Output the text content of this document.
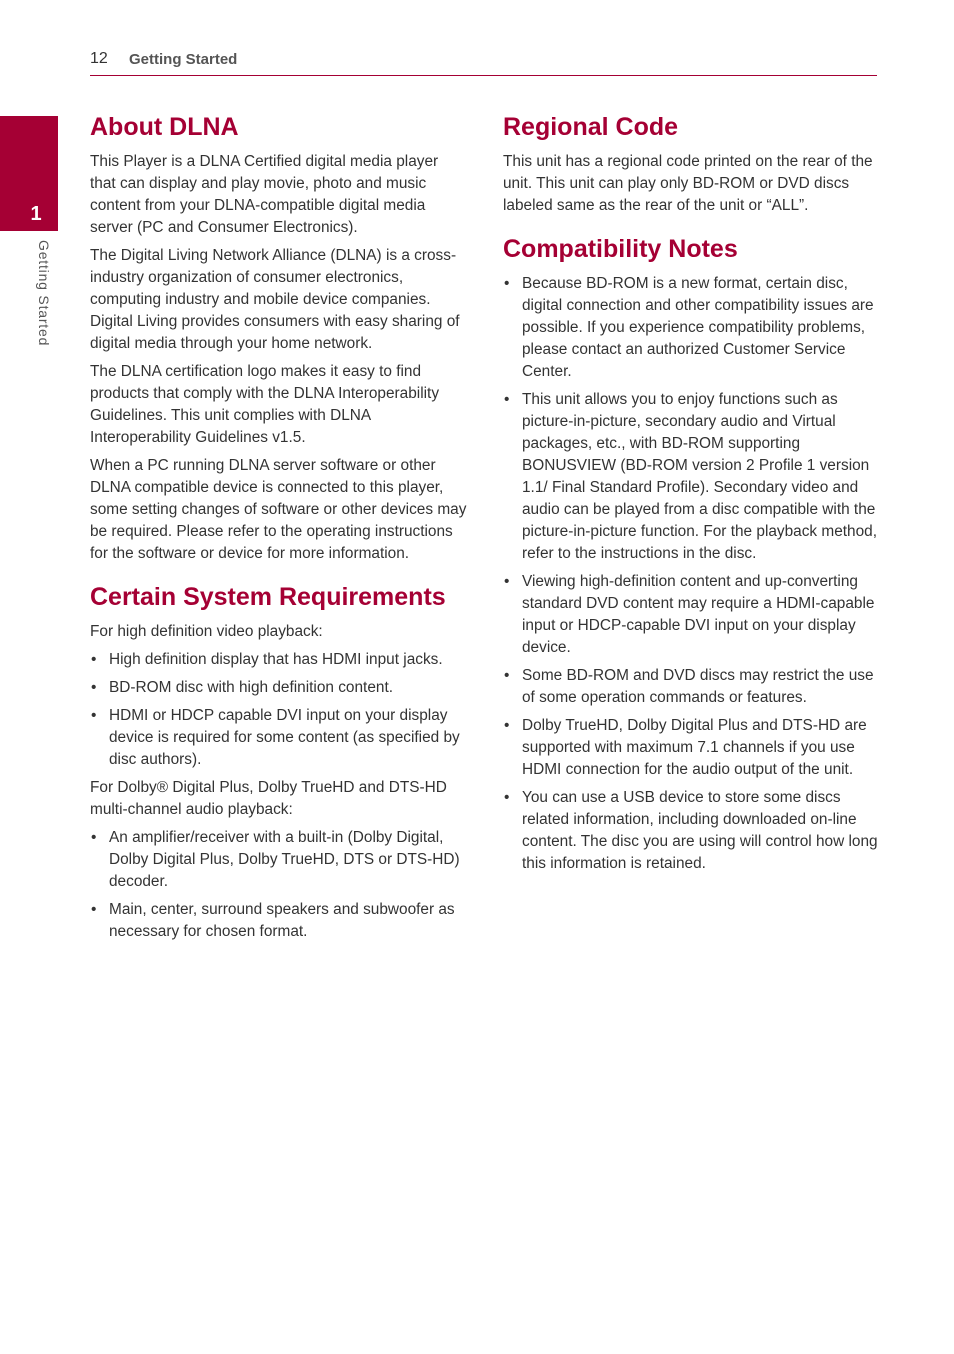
12 Getting Started
1
Getting Started
About DLNA

This Player is a DLNA Certified digital media player that can display and play movie, photo and music content from your DLNA-compatible digital media server (PC and Consumer Electronics).

The Digital Living Network Alliance (DLNA) is a cross-industry organization of consumer electronics, computing industry and mobile device companies. Digital Living provides consumers with easy sharing of digital media through your home network.

The DLNA certification logo makes it easy to find products that comply with the DLNA Interoperability Guidelines. This unit complies with DLNA Interoperability Guidelines v1.5.

When a PC running DLNA server software or other DLNA compatible device is connected to this player, some setting changes of software or other devices may be required. Please refer to the operating instructions for the software or device for more information.

Certain System Requirements

For high definition video playback:

• High definition display that has HDMI input jacks.
• BD-ROM disc with high definition content.
• HDMI or HDCP capable DVI input on your display device is required for some content (as specified by disc authors).

For Dolby® Digital Plus, Dolby TrueHD and DTS-HD multi-channel audio playback:

• An amplifier/receiver with a built-in (Dolby Digital, Dolby Digital Plus, Dolby TrueHD, DTS or DTS-HD) decoder.
• Main, center, surround speakers and subwoofer as necessary for chosen format.
Regional Code

This unit has a regional code printed on the rear of the unit. This unit can play only BD-ROM or DVD discs labeled same as the rear of the unit or “ALL”.

Compatibility Notes
• Because BD-ROM is a new format, certain disc, digital connection and other compatibility issues are possible. If you experience compatibility problems, please contact an authorized Customer Service Center.
• This unit allows you to enjoy functions such as picture-in-picture, secondary audio and Virtual packages, etc., with BD-ROM supporting BONUSVIEW (BD-ROM version 2 Profile 1 version 1.1/ Final Standard Profile). Secondary video and audio can be played from a disc compatible with the picture-in-picture function. For the playback method, refer to the instructions in the disc.
• Viewing high-definition content and up-converting standard DVD content may require a HDMI-capable input or HDCP-capable DVI input on your display device.
• Some BD-ROM and DVD discs may restrict the use of some operation commands or features.
• Dolby TrueHD, Dolby Digital Plus and DTS-HD are supported with maximum 7.1 channels if you use HDMI connection for the audio output of the unit.
• You can use a USB device to store some discs related information, including downloaded on-line content. The disc you are using will control how long this information is retained.
